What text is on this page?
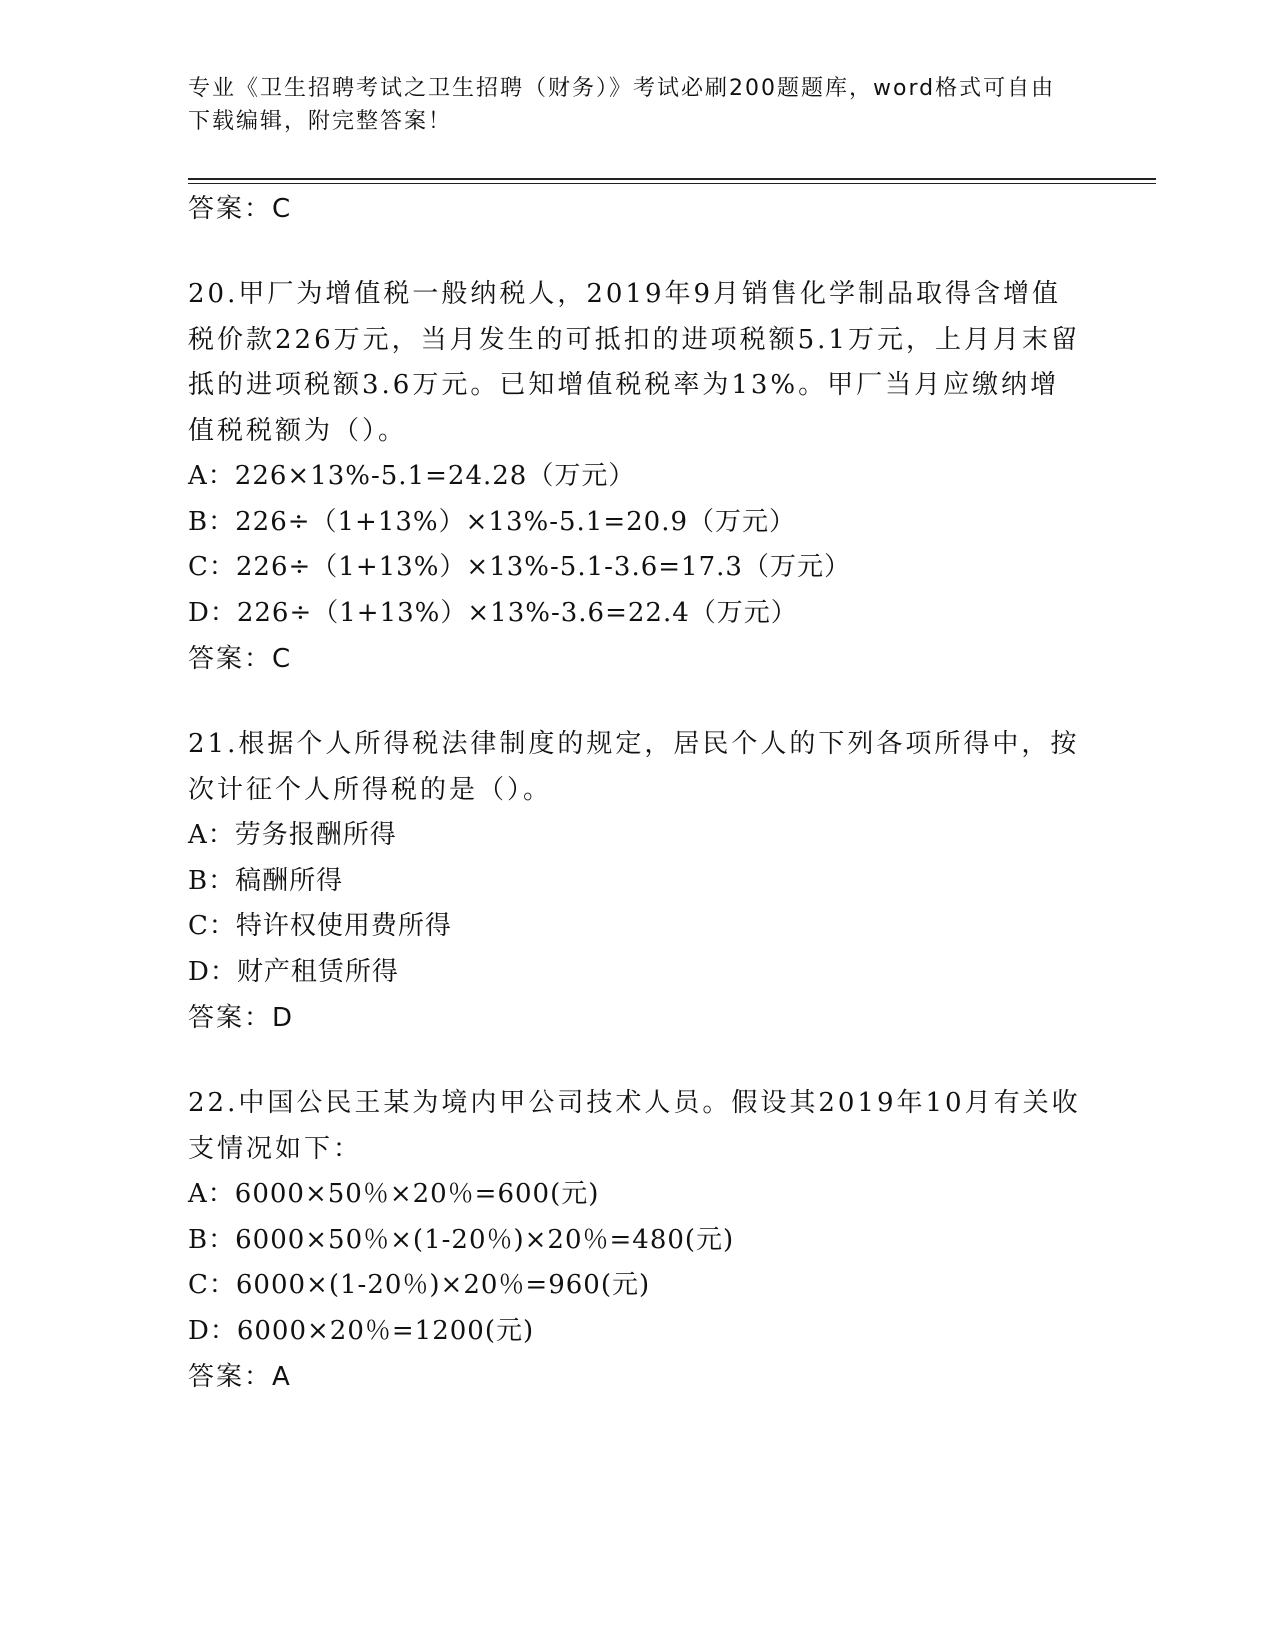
专业《卫生招聘考试之卫生招聘（财务）》考试必刷200题题库，word格式可自由下载编辑，附完整答案！
答案：C
20.甲厂为增值税一般纳税人，2019年9月销售化学制品取得含增值税价款226万元，当月发生的可抵扣的进项税额5.1万元，上月月末留抵的进项税额3.6万元。已知增值税税率为13%。甲厂当月应缴纳增值税税额为（）。
A：226×13%-5.1=24.28（万元）
B：226÷（1+13%）×13%-5.1=20.9（万元）
C：226÷（1+13%）×13%-5.1-3.6=17.3（万元）
D：226÷（1+13%）×13%-3.6=22.4（万元）
答案：C
21.根据个人所得税法律制度的规定，居民个人的下列各项所得中，按次计征个人所得税的是（）。
A：劳务报酬所得
B：稿酬所得
C：特许权使用费所得
D：财产租赁所得
答案：D
22.中国公民王某为境内甲公司技术人员。假设其2019年10月有关收支情况如下：
A：6000×50％×20％=600(元)
B：6000×50％×(1-20％)×20％=480(元)
C：6000×(1-20％)×20％=960(元)
D：6000×20％=1200(元)
答案：A
